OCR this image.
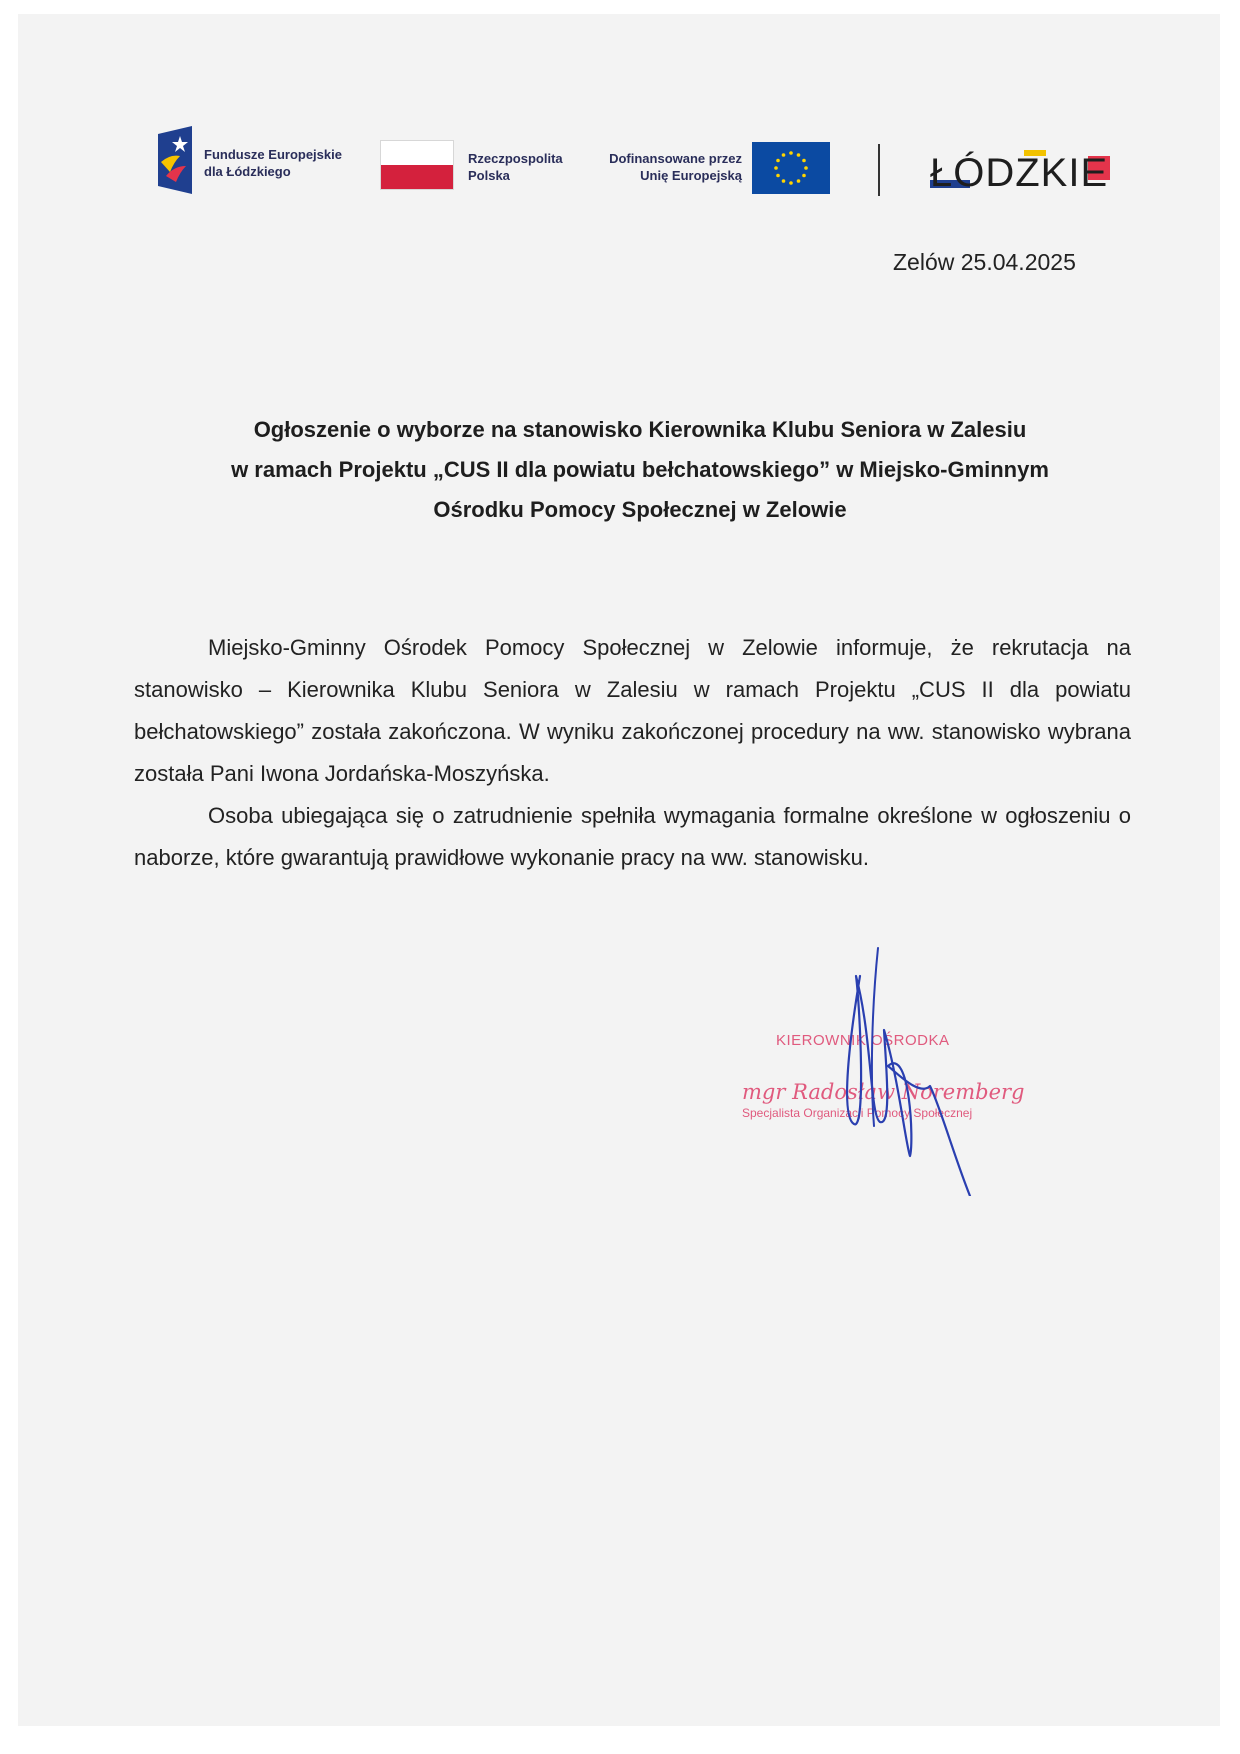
Fundusze Europejskie
dla Łódzkiego
Rzeczpospolita
Polska
Dofinansowane przez
Unię Europejską	ŁÓDZKIE
Zelów 25.04.2025
Ogłoszenie o wyborze na stanowisko Kierownika Klubu Seniora w Zalesiu
w ramach Projektu „CUS II dla powiatu bełchatowskiego” w Miejsko-Gminnym
Ośrodku Pomocy Społecznej w Zelowie

Miejsko-Gminny Ośrodek Pomocy Społecznej w Zelowie informuje, że rekrutacja na stanowisko – Kierownika Klubu Seniora w Zalesiu w ramach Projektu „CUS II dla powiatu bełchatowskiego” została zakończona. W wyniku zakończonej procedury na ww. stanowisko wybrana została Pani Iwona Jordańska-Moszyńska.

Osoba ubiegająca się o zatrudnienie spełniła wymagania formalne określone w ogłoszeniu o naborze, które gwarantują prawidłowe wykonanie pracy na ww. stanowisku.

KIEROWNIK OŚRODKA
mgr Radosław Noremberg
Specjalista Organizacji Pomocy Społecznej
